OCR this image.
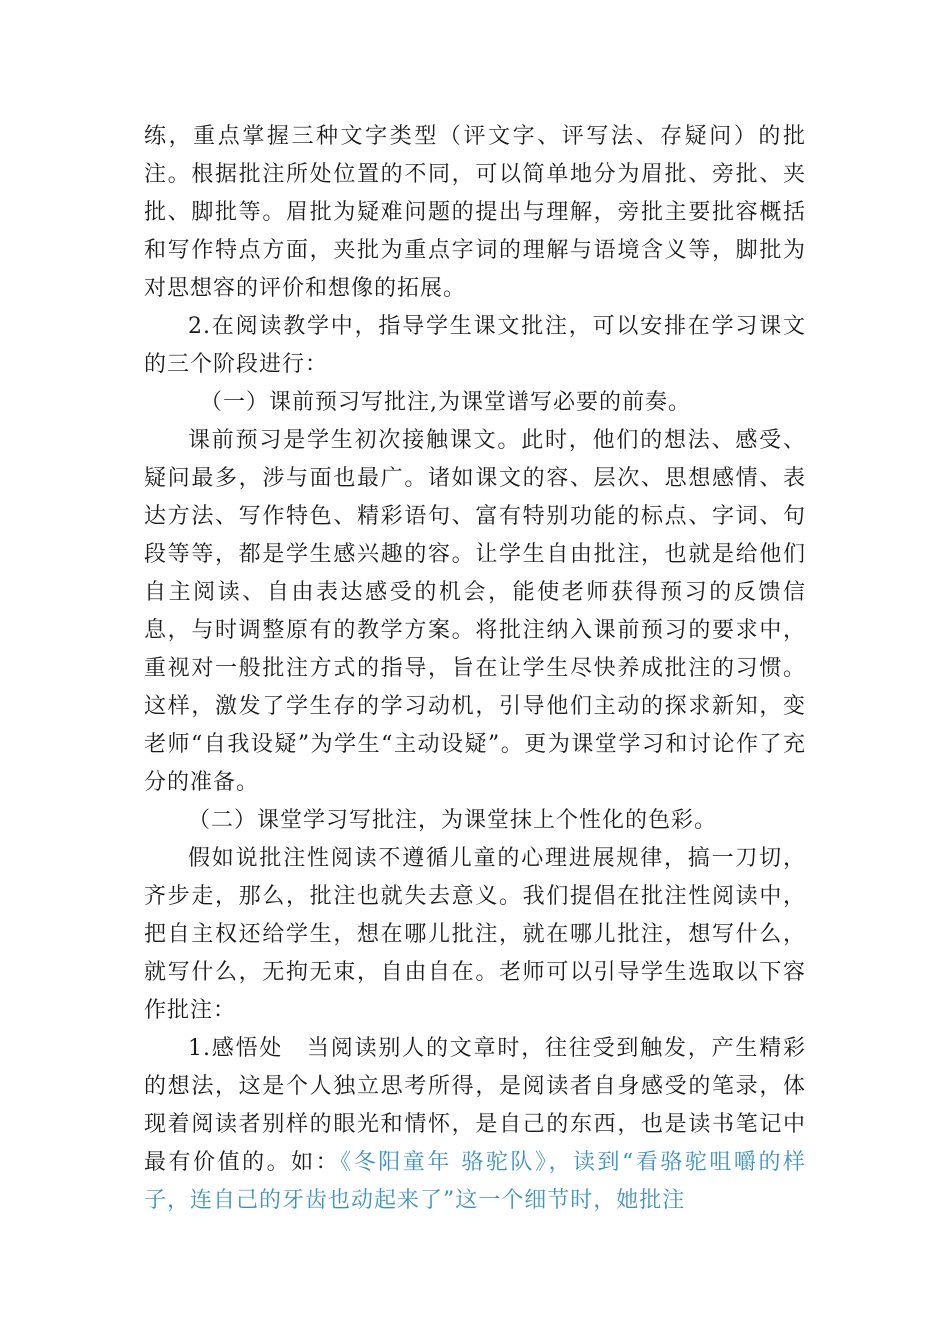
练，重点掌握三种文字类型（评文字、评写法、存疑问）的批注。根据批注所处位置的不同，可以简单地分为眉批、旁批、夹批、脚批等。眉批为疑难问题的提出与理解，旁批主要批容概括和写作特点方面，夹批为重点字词的理解与语境含义等，脚批为对思想容的评价和想像的拓展。

2.在阅读教学中，指导学生课文批注，可以安排在学习课文的三个阶段进行：

（一）课前预习写批注,为课堂谱写必要的前奏。

课前预习是学生初次接触课文。此时，他们的想法、感受、疑问最多，涉与面也最广。诸如课文的容、层次、思想感情、表达方法、写作特色、精彩语句、富有特别功能的标点、字词、句段等等，都是学生感兴趣的容。让学生自由批注，也就是给他们自主阅读、自由表达感受的机会，能使老师获得预习的反馈信息，与时调整原有的教学方案。将批注纳入课前预习的要求中，重视对一般批注方式的指导，旨在让学生尽快养成批注的习惯。这样，激发了学生存的学习动机，引导他们主动的探求新知，变老师“自我设疑”为学生“主动设疑”。更为课堂学习和讨论作了充分的准备。

（二）课堂学习写批注，为课堂抹上个性化的色彩。

假如说批注性阅读不遵循儿童的心理进展规律，搞一刀切，齐步走，那么，批注也就失去意义。我们提倡在批注性阅读中，把自主权还给学生，想在哪儿批注，就在哪儿批注，想写什么，就写什么，无拘无束，自由自在。老师可以引导学生选取以下容作批注：

1.感悟处　当阅读别人的文章时，往往受到触发，产生精彩的想法，这是个人独立思考所得，是阅读者自身感受的笔录，体现着阅读者别样的眼光和情怀，是自己的东西，也是读书笔记中最有价值的。如：《冬阳童年 骆驼队》，读到“看骆驼咀嚼的样子，连自己的牙齿也动起来了”这一个细节时，她批注
